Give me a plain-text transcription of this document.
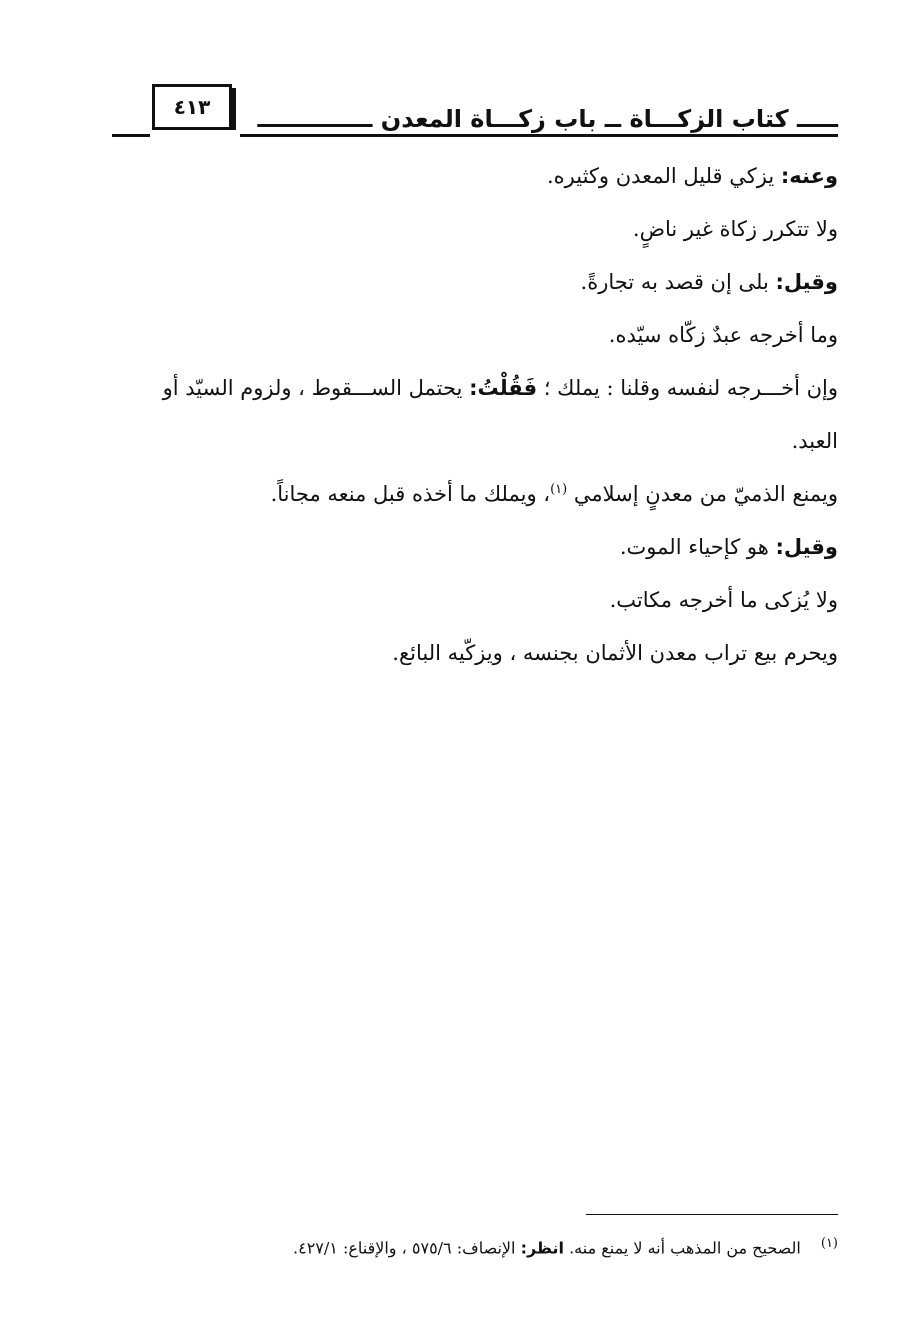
٤١٣	ـــــ كتاب الزكـــاة ــ باب زكـــاة المعدن ــــــــــــــ

وعنه: يزكي قليل المعدن وكثيره.

ولا تتكرر زكاة غير ناضٍ.

وقيل: بلى إن قصد به تجارةً.

وما أخرجه عبدٌ زكّاه سيّده.

وإن أخـــرجه لنفسه وقلنا : يملك ؛ فَقُلْتُ: يحتمل الســـقوط ، ولزوم السيّد أو العبد.

ويمنع الذميّ من معدنٍ إسلامي $^{(١)}$، ويملك ما أخذه قبل منعه مجاناً.

وقيل: هو كإحياء الموت.

ولا يُزكى ما أخرجه مكاتب.

ويحرم بيع تراب معدن الأثمان بجنسه ، ويزكّيه البائع.

$^{(١)}$الصحيح من المذهب أنه لا يمنع منه. انظر: الإنصاف: ٥٧٥/٦ ، والإقناع: ٤٢٧/١.
